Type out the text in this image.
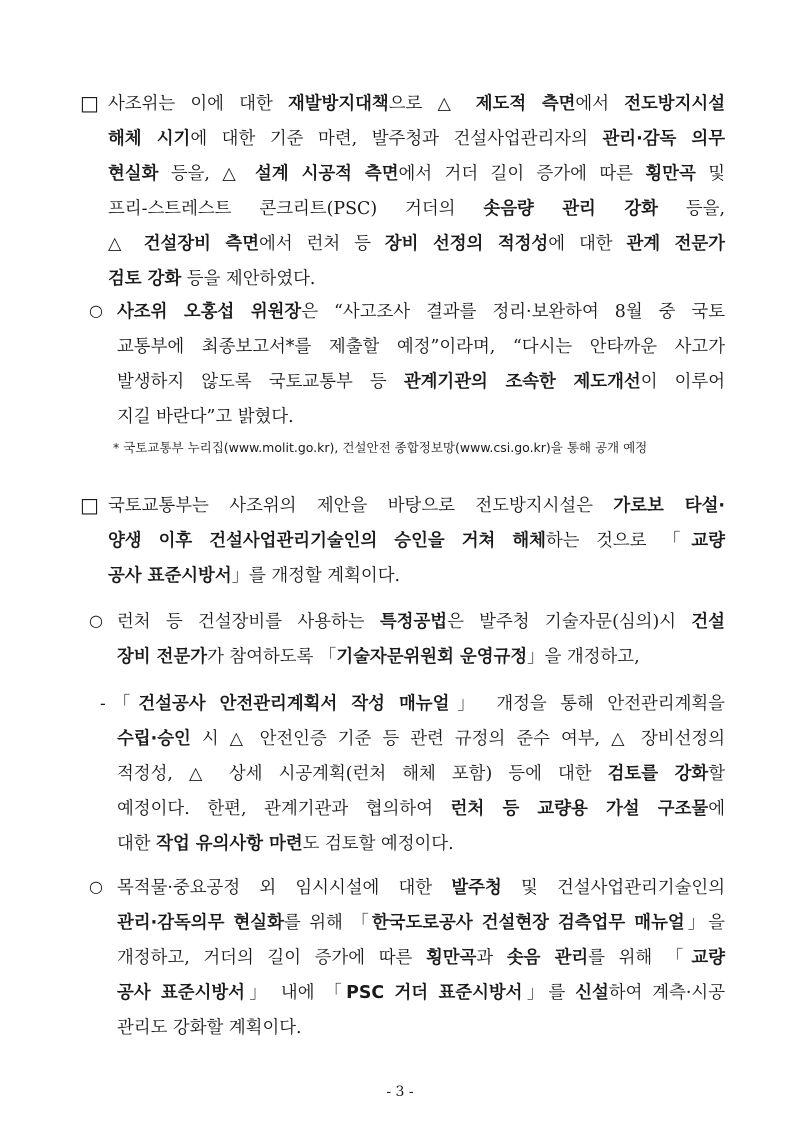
□ 사조위는 이에 대한 재발방지대책으로 △ 제도적 측면에서 전도방지시설
해체 시기에 대한 기준 마련, 발주청과 건설사업관리자의 관리·감독 의무
현실화 등을, △ 설계 시공적 측면에서 거더 길이 증가에 따른 횡만곡 및
프리-스트레스트 콘크리트(PSC) 거더의 솟음량 관리 강화 등을,
△ 건설장비 측면에서 런처 등 장비 선정의 적정성에 대한 관계 전문가
검토 강화 등을 제안하였다.
○ 사조위 오홍섭 위원장은 “사고조사 결과를 정리·보완하여 8월 중 국토
교통부에 최종보고서*를 제출할 예정”이라며, “다시는 안타까운 사고가
발생하지 않도록 국토교통부 등 관계기관의 조속한 제도개선이 이루어
지길 바란다”고 밝혔다.
* 국토교통부 누리집(www.molit.go.kr), 건설안전 종합정보망(www.csi.go.kr)을 통해 공개 예정
□ 국토교통부는 사조위의 제안을 바탕으로 전도방지시설은 가로보 타설·
양생 이후 건설사업관리기술인의 승인을 거쳐 해체하는 것으로 「교량
공사 표준시방서」를 개정할 계획이다.
○ 런처 등 건설장비를 사용하는 특정공법은 발주청 기술자문(심의)시 건설
장비 전문가가 참여하도록 「기술자문위원회 운영규정」을 개정하고,
- 「건설공사 안전관리계획서 작성 매뉴얼」 개정을 통해 안전관리계획을
수립·승인 시 △ 안전인증 기준 등 관련 규정의 준수 여부, △ 장비선정의
적정성, △ 상세 시공계획(런처 해체 포함) 등에 대한 검토를 강화할
예정이다. 한편, 관계기관과 협의하여 런처 등 교량용 가설 구조물에
대한 작업 유의사항 마련도 검토할 예정이다.
○ 목적물·중요공정 외 임시시설에 대한 발주청 및 건설사업관리기술인의
관리·감독의무 현실화를 위해 「한국도로공사 건설현장 검측업무 매뉴얼」을
개정하고, 거더의 길이 증가에 따른 횡만곡과 솟음 관리를 위해 「교량
공사 표준시방서」 내에 「PSC 거더 표준시방서」를 신설하여 계측·시공
관리도 강화할 계획이다.
- 3 -
